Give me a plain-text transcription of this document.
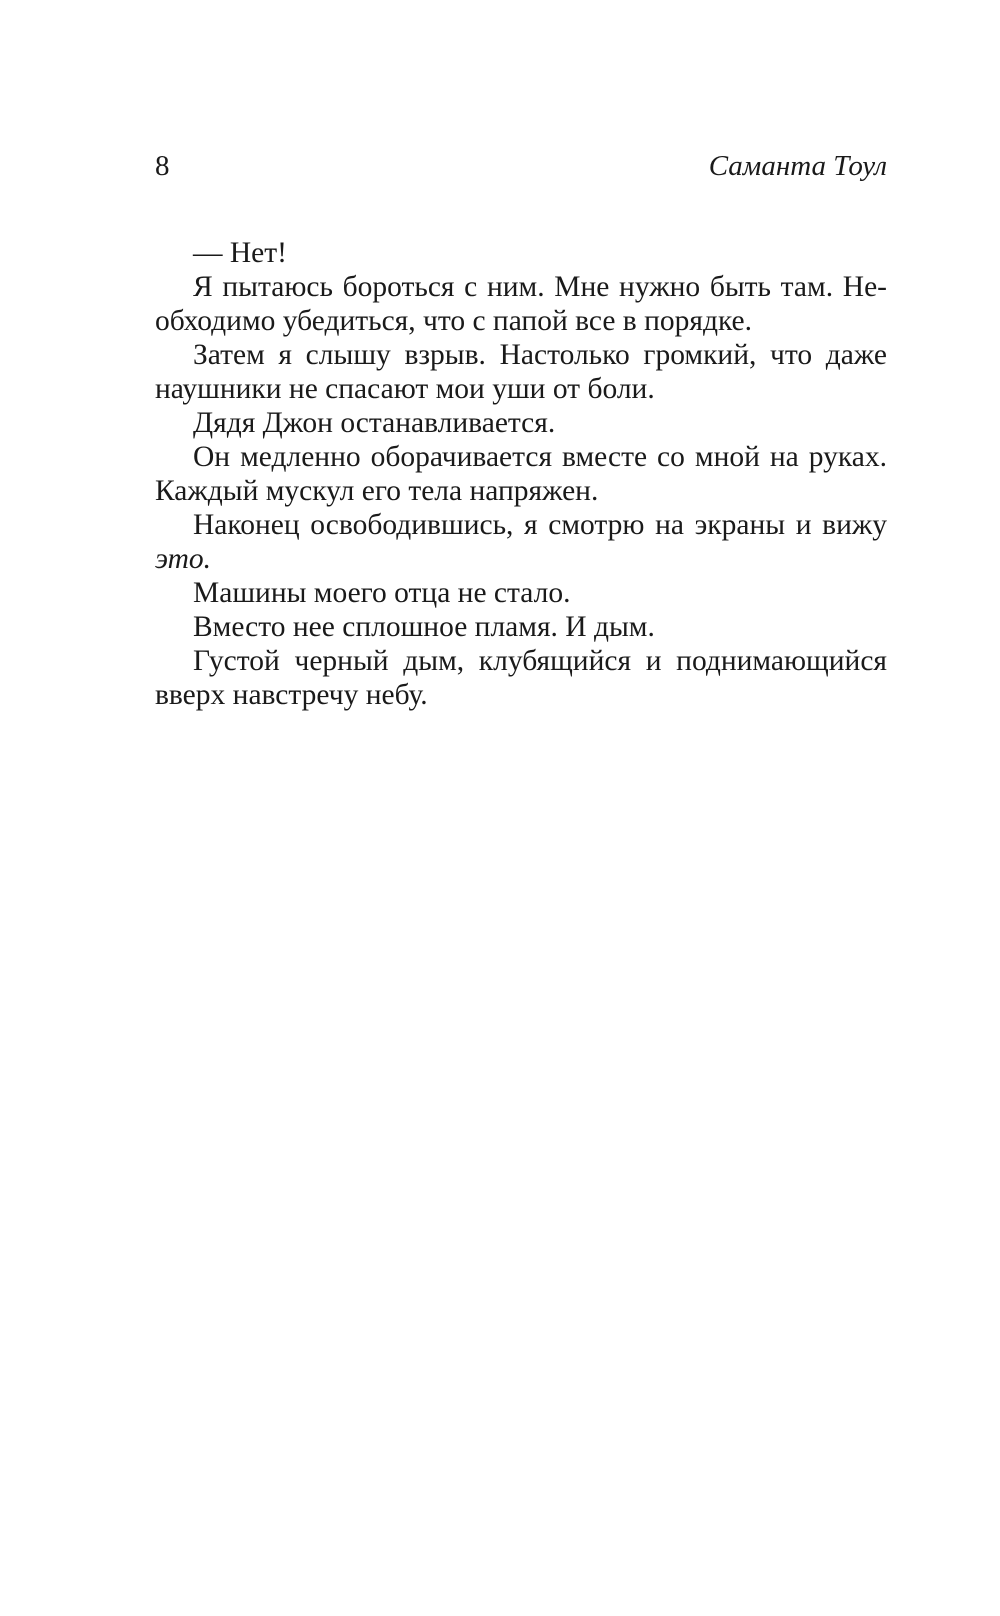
8	Саманта Тоул
— Нет!
Я пытаюсь бороться с ним. Мне нужно быть там. Не-
обходимо убедиться, что с папой все в порядке.
Затем я слышу взрыв. Настолько громкий, что даже
наушники не спасают мои уши от боли.
Дядя Джон останавливается.
Он медленно оборачивается вместе со мной на руках.
Каждый мускул его тела напряжен.
Наконец освободившись, я смотрю на экраны и вижу
это.
Машины моего отца не стало.
Вместо нее сплошное пламя. И дым.
Густой черный дым, клубящийся и поднимающийся
вверх навстречу небу.
